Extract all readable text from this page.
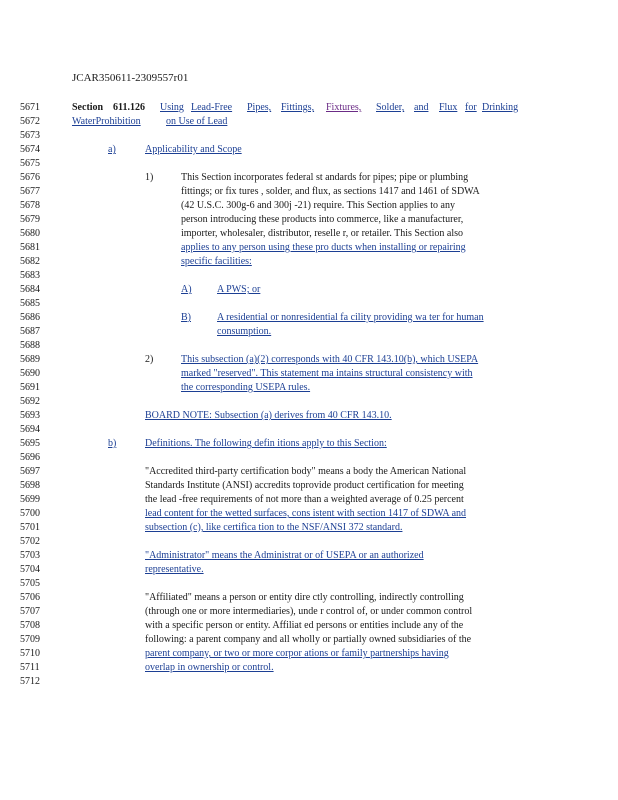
JCAR350611-2309557r01
5671
5672
5673
5674
5675
5676
5677
5678
5679
5680
5681
5682
5683
5684
5685
5686
5687
5688
5689
5690
5691
5692
5693
5694
5695
5696
5697
5698
5699
5700
5701
5702
5703
5704
5705
5706
5707
5708
5709
5710
5711
5712
Section 611.126 Using Lead-Free Pipes, Fittings, Fixtures, Solder, and Flux for Drinking
WaterProhibition	on Use of Lead
a)	Applicability and Scope
1)	This Section incorporates federal st andards for pipes; pipe or plumbing
fittings; or fix tures , solder, and flux, as sections 1417 and 1461 of SDWA
(42 U.S.C. 300g-6 and 300j -21) require. This Section applies to any
person introducing these products into commerce, like a manufacturer,
importer, wholesaler, distributor, reselle r, or retailer. This Section also
applies to any person using these pro ducts when installing or repairing
specific facilities:
A)	A PWS; or
B)	A residential or nonresidential fa cility providing wa ter for human
consumption.
2)	This subsection (a)(2) corresponds with 40 CFR 143.10(b), which USEPA
marked "reserved". This statement ma intains structural consistency with
the corresponding USEPA rules.
BOARD NOTE: Subsection (a) derives from 40 CFR 143.10.
b)	Definitions. The following defin itions apply to this Section:
"Accredited third-party certification body" means a body the American National
Standards Institute (ANSI) accredits toprovide product certification for meeting
the lead -free requirements of not more than a weighted average of 0.25 percent
lead content for the wetted surfaces, cons istent with section 1417 of SDWA and
subsection (c), like certifica tion to the NSF/ANSI 372 standard.
"Administrator" means the Administrat or of USEPA or an authorized
representative.
"Affiliated" means a person or entity dire ctly controlling, indirectly controlling
(through one or more intermediaries), unde r control of, or under common control
with a specific person or entity. Affiliat ed persons or entities include any of the
following: a parent company and all wholly or partially owned subsidiaries of the
parent company, or two or more corpor ations or family partnerships having
overlap in ownership or control.
